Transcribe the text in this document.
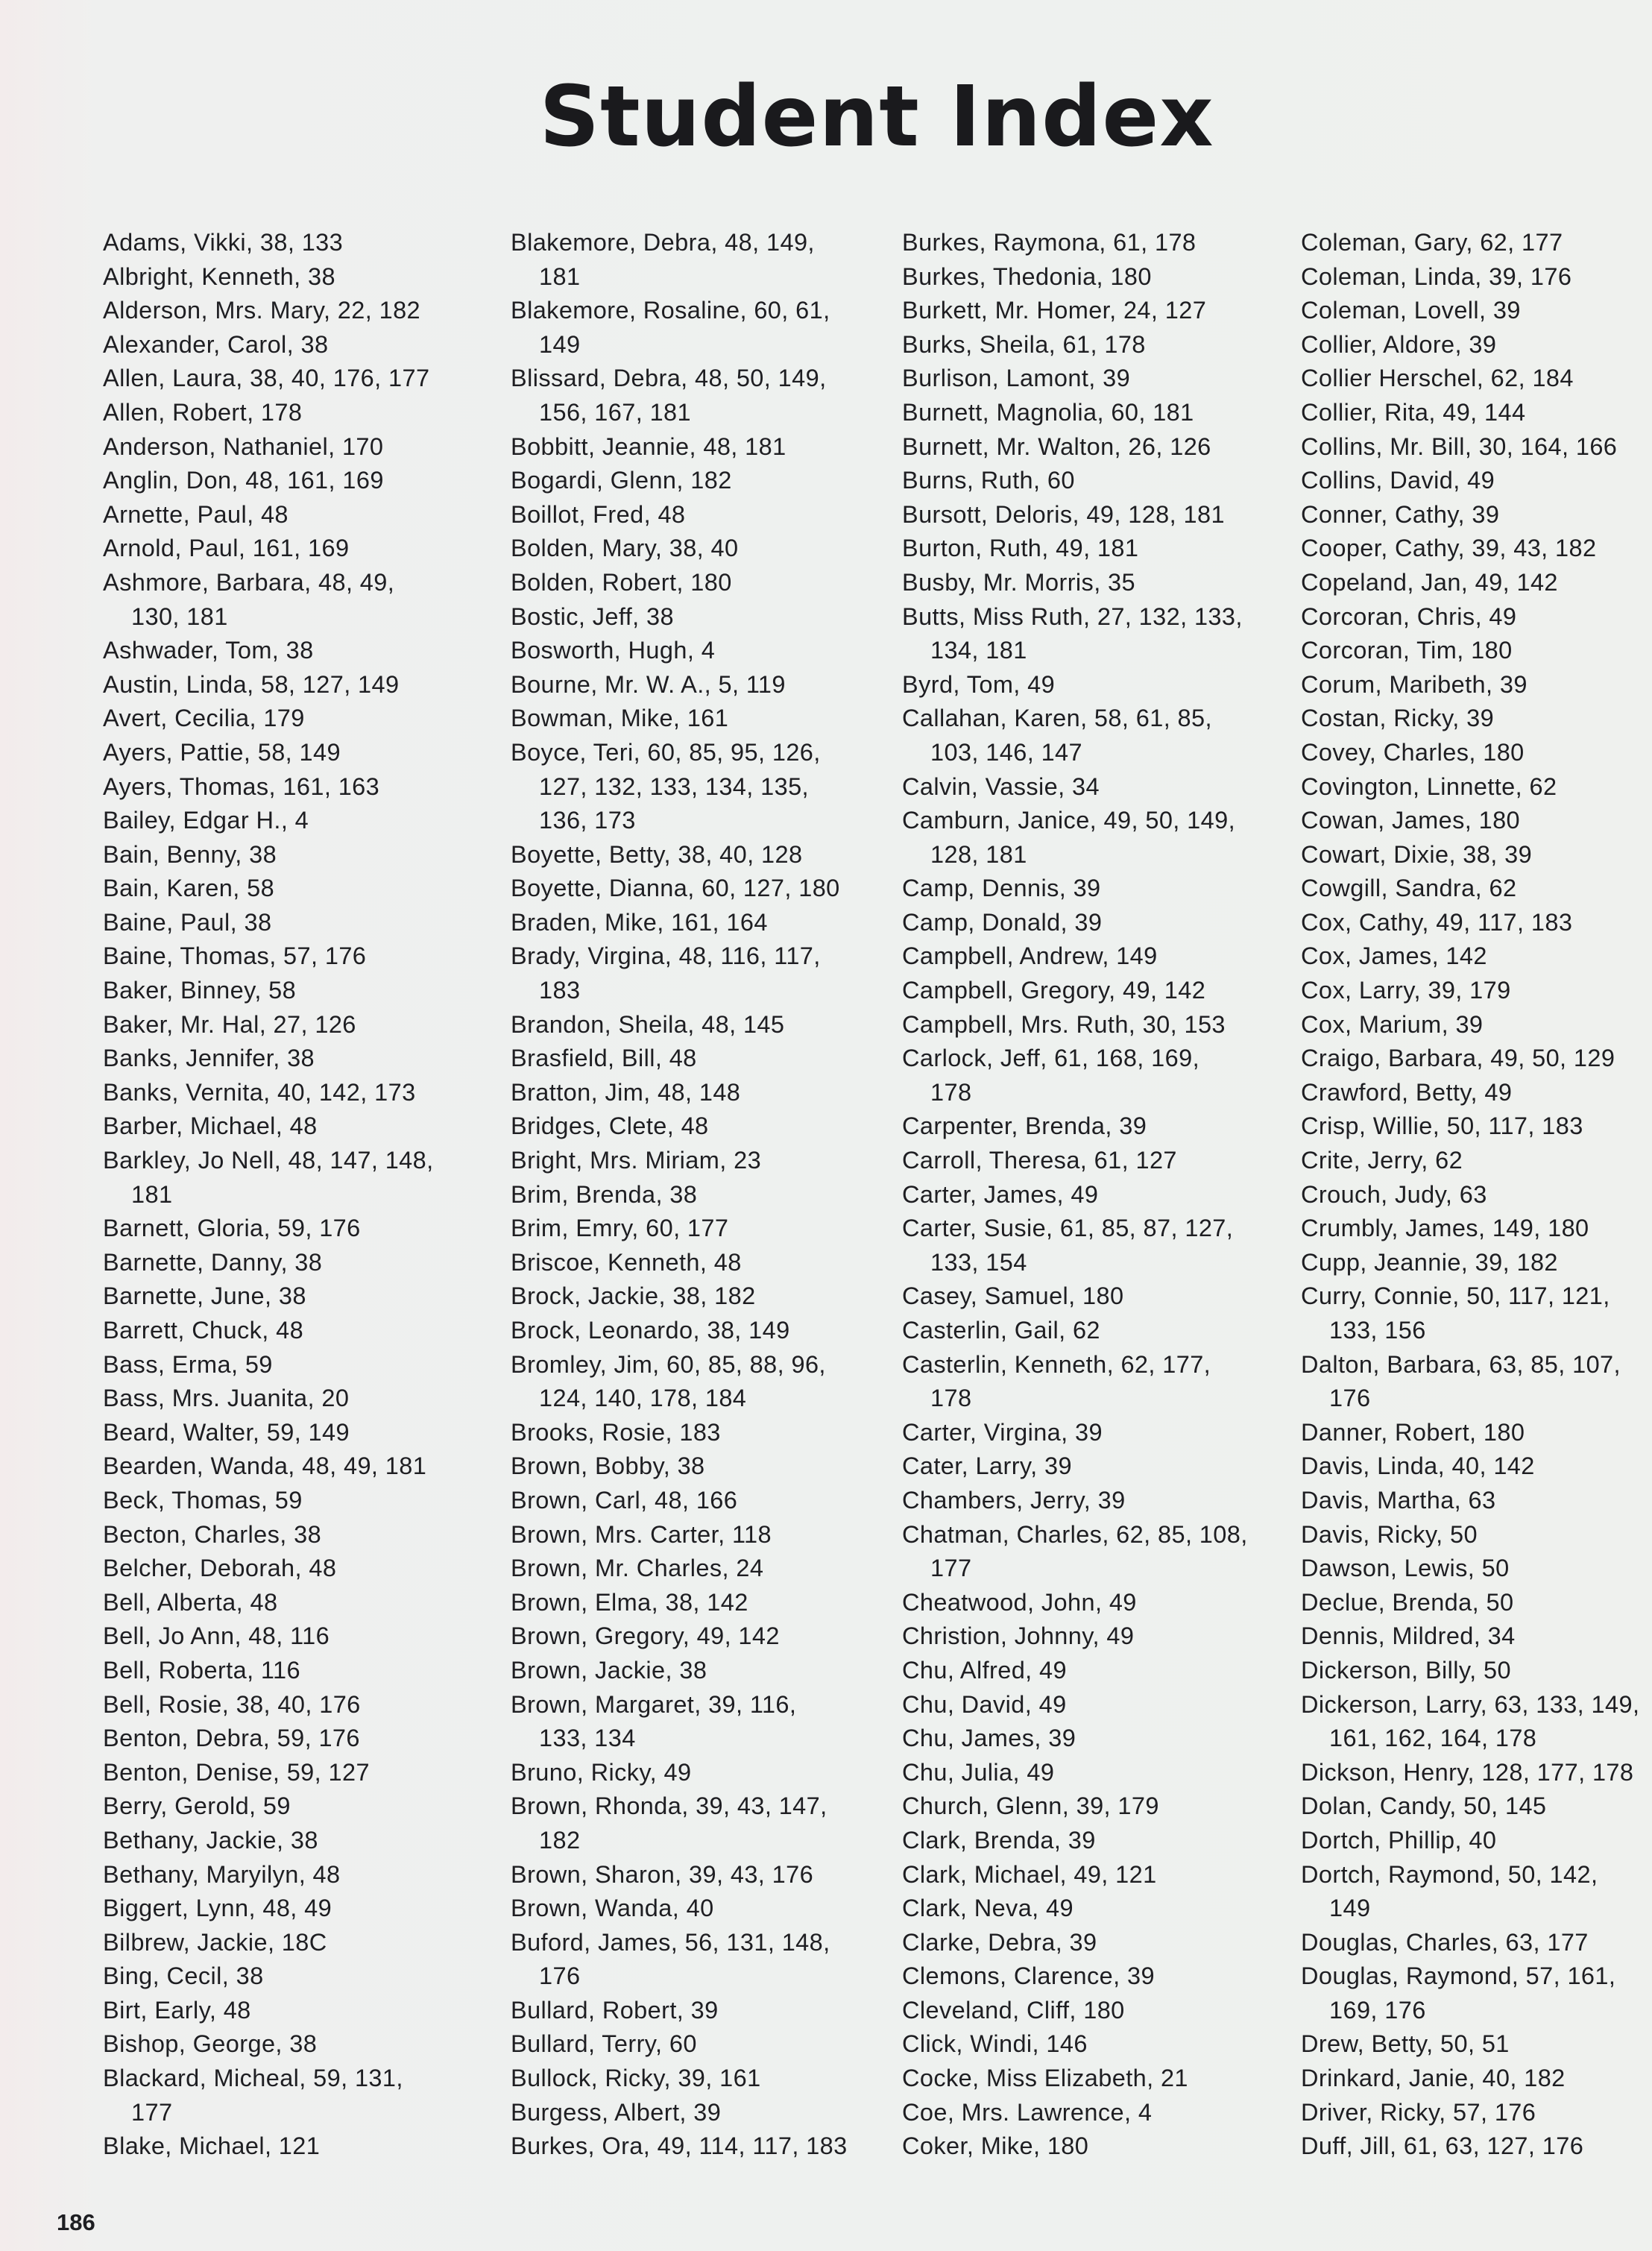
Student Index
Adams, Vikki, 38, 133
Albright, Kenneth, 38
Alderson, Mrs. Mary, 22, 182
Alexander, Carol, 38
Allen, Laura, 38, 40, 176, 177
Allen, Robert, 178
Anderson, Nathaniel, 170
Anglin, Don, 48, 161, 169
Arnette, Paul, 48
Arnold, Paul, 161, 169
Ashmore, Barbara, 48, 49,
130, 181
Ashwader, Tom, 38
Austin, Linda, 58, 127, 149
Avert, Cecilia, 179
Ayers, Pattie, 58, 149
Ayers, Thomas, 161, 163
Bailey, Edgar H., 4
Bain, Benny, 38
Bain, Karen, 58
Baine, Paul, 38
Baine, Thomas, 57, 176
Baker, Binney, 58
Baker, Mr. Hal, 27, 126
Banks, Jennifer, 38
Banks, Vernita, 40, 142, 173
Barber, Michael, 48
Barkley, Jo Nell, 48, 147, 148,
181
Barnett, Gloria, 59, 176
Barnette, Danny, 38
Barnette, June, 38
Barrett, Chuck, 48
Bass, Erma, 59
Bass, Mrs. Juanita, 20
Beard, Walter, 59, 149
Bearden, Wanda, 48, 49, 181
Beck, Thomas, 59
Becton, Charles, 38
Belcher, Deborah, 48
Bell, Alberta, 48
Bell, Jo Ann, 48, 116
Bell, Roberta, 116
Bell, Rosie, 38, 40, 176
Benton, Debra, 59, 176
Benton, Denise, 59, 127
Berry, Gerold, 59
Bethany, Jackie, 38
Bethany, Maryilyn, 48
Biggert, Lynn, 48, 49
Bilbrew, Jackie, 18C
Bing, Cecil, 38
Birt, Early, 48
Bishop, George, 38
Blackard, Micheal, 59, 131,
177
Blake, Michael, 121
Blakemore, Debra, 48, 149,
181
Blakemore, Rosaline, 60, 61,
149
Blissard, Debra, 48, 50, 149,
156, 167, 181
Bobbitt, Jeannie, 48, 181
Bogardi, Glenn, 182
Boillot, Fred, 48
Bolden, Mary, 38, 40
Bolden, Robert, 180
Bostic, Jeff, 38
Bosworth, Hugh, 4
Bourne, Mr. W. A., 5, 119
Bowman, Mike, 161
Boyce, Teri, 60, 85, 95, 126,
127, 132, 133, 134, 135,
136, 173
Boyette, Betty, 38, 40, 128
Boyette, Dianna, 60, 127, 180
Braden, Mike, 161, 164
Brady, Virgina, 48, 116, 117,
183
Brandon, Sheila, 48, 145
Brasfield, Bill, 48
Bratton, Jim, 48, 148
Bridges, Clete, 48
Bright, Mrs. Miriam, 23
Brim, Brenda, 38
Brim, Emry, 60, 177
Briscoe, Kenneth, 48
Brock, Jackie, 38, 182
Brock, Leonardo, 38, 149
Bromley, Jim, 60, 85, 88, 96,
124, 140, 178, 184
Brooks, Rosie, 183
Brown, Bobby, 38
Brown, Carl, 48, 166
Brown, Mrs. Carter, 118
Brown, Mr. Charles, 24
Brown, Elma, 38, 142
Brown, Gregory, 49, 142
Brown, Jackie, 38
Brown, Margaret, 39, 116,
133, 134
Bruno, Ricky, 49
Brown, Rhonda, 39, 43, 147,
182
Brown, Sharon, 39, 43, 176
Brown, Wanda, 40
Buford, James, 56, 131, 148,
176
Bullard, Robert, 39
Bullard, Terry, 60
Bullock, Ricky, 39, 161
Burgess, Albert, 39
Burkes, Ora, 49, 114, 117, 183
Burkes, Raymona, 61, 178
Burkes, Thedonia, 180
Burkett, Mr. Homer, 24, 127
Burks, Sheila, 61, 178
Burlison, Lamont, 39
Burnett, Magnolia, 60, 181
Burnett, Mr. Walton, 26, 126
Burns, Ruth, 60
Bursott, Deloris, 49, 128, 181
Burton, Ruth, 49, 181
Busby, Mr. Morris, 35
Butts, Miss Ruth, 27, 132, 133,
134, 181
Byrd, Tom, 49
Callahan, Karen, 58, 61, 85,
103, 146, 147
Calvin, Vassie, 34
Camburn, Janice, 49, 50, 149,
128, 181
Camp, Dennis, 39
Camp, Donald, 39
Campbell, Andrew, 149
Campbell, Gregory, 49, 142
Campbell, Mrs. Ruth, 30, 153
Carlock, Jeff, 61, 168, 169,
178
Carpenter, Brenda, 39
Carroll, Theresa, 61, 127
Carter, James, 49
Carter, Susie, 61, 85, 87, 127,
133, 154
Casey, Samuel, 180
Casterlin, Gail, 62
Casterlin, Kenneth, 62, 177,
178
Carter, Virgina, 39
Cater, Larry, 39
Chambers, Jerry, 39
Chatman, Charles, 62, 85, 108,
177
Cheatwood, John, 49
Christion, Johnny, 49
Chu, Alfred, 49
Chu, David, 49
Chu, James, 39
Chu, Julia, 49
Church, Glenn, 39, 179
Clark, Brenda, 39
Clark, Michael, 49, 121
Clark, Neva, 49
Clarke, Debra, 39
Clemons, Clarence, 39
Cleveland, Cliff, 180
Click, Windi, 146
Cocke, Miss Elizabeth, 21
Coe, Mrs. Lawrence, 4
Coker, Mike, 180
Coleman, Gary, 62, 177
Coleman, Linda, 39, 176
Coleman, Lovell, 39
Collier, Aldore, 39
Collier Herschel, 62, 184
Collier, Rita, 49, 144
Collins, Mr. Bill, 30, 164, 166
Collins, David, 49
Conner, Cathy, 39
Cooper, Cathy, 39, 43, 182
Copeland, Jan, 49, 142
Corcoran, Chris, 49
Corcoran, Tim, 180
Corum, Maribeth, 39
Costan, Ricky, 39
Covey, Charles, 180
Covington, Linnette, 62
Cowan, James, 180
Cowart, Dixie, 38, 39
Cowgill, Sandra, 62
Cox, Cathy, 49, 117, 183
Cox, James, 142
Cox, Larry, 39, 179
Cox, Marium, 39
Craigo, Barbara, 49, 50, 129
Crawford, Betty, 49
Crisp, Willie, 50, 117, 183
Crite, Jerry, 62
Crouch, Judy, 63
Crumbly, James, 149, 180
Cupp, Jeannie, 39, 182
Curry, Connie, 50, 117, 121,
133, 156
Dalton, Barbara, 63, 85, 107,
176
Danner, Robert, 180
Davis, Linda, 40, 142
Davis, Martha, 63
Davis, Ricky, 50
Dawson, Lewis, 50
Declue, Brenda, 50
Dennis, Mildred, 34
Dickerson, Billy, 50
Dickerson, Larry, 63, 133, 149,
161, 162, 164, 178
Dickson, Henry, 128, 177, 178
Dolan, Candy, 50, 145
Dortch, Phillip, 40
Dortch, Raymond, 50, 142,
149
Douglas, Charles, 63, 177
Douglas, Raymond, 57, 161,
169, 176
Drew, Betty, 50, 51
Drinkard, Janie, 40, 182
Driver, Ricky, 57, 176
Duff, Jill, 61, 63, 127, 176
186
